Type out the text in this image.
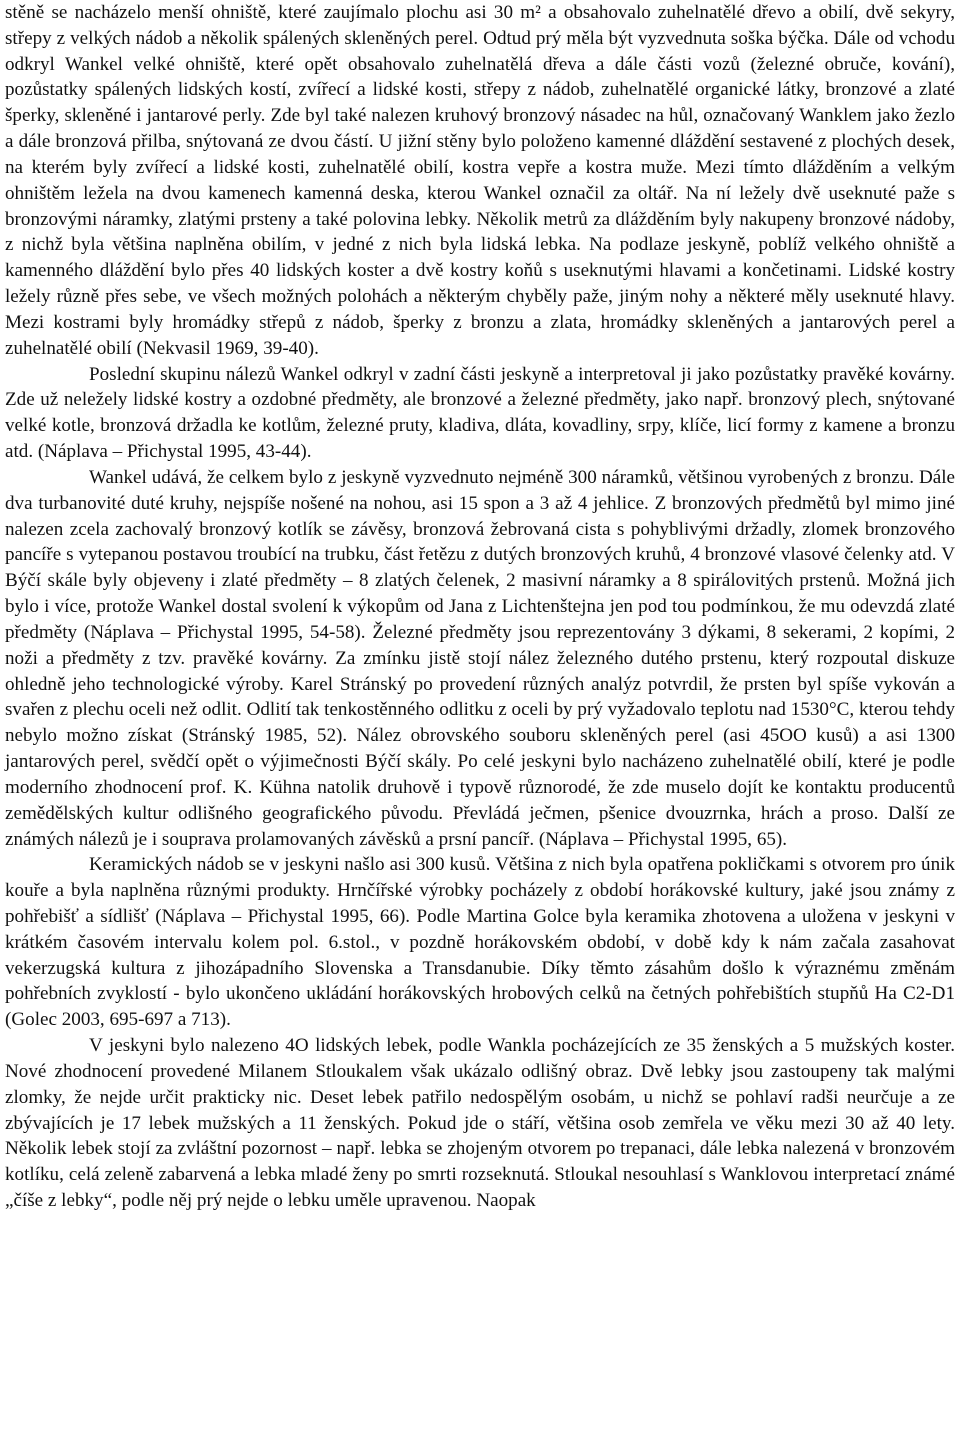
stěně se nacházelo menší ohniště, které zaujímalo plochu asi 30 m² a obsahovalo zuhelnatělé dřevo a obilí, dvě sekyry, střepy z velkých nádob a několik spálených skleněných perel. Odtud prý měla být vyzvednuta soška býčka. Dále od vchodu odkryl Wankel velké ohniště, které opět obsahovalo zuhelnatělá dřeva a dále části vozů (železné obruče, kování), pozůstatky spálených lidských kostí, zvířecí a lidské kosti, střepy z nádob, zuhelnatělé organické látky, bronzové a zlaté šperky, skleněné i jantarové perly. Zde byl také nalezen kruhový bronzový násadec na hůl, označovaný Wanklem jako žezlo a dále bronzová přilba, snýtovaná ze dvou částí. U jižní stěny bylo položeno kamenné dláždění sestavené z plochých desek, na kterém byly zvířecí a lidské kosti, zuhelnatělé obilí, kostra vepře a kostra muže. Mezi tímto dlážděním a velkým ohništěm ležela na dvou kamenech kamenná deska, kterou Wankel označil za oltář. Na ní ležely dvě useknuté paže s bronzovými náramky, zlatými prsteny a také polovina lebky. Několik metrů za dlážděním byly nakupeny bronzové nádoby, z nichž byla většina naplněna obilím, v jedné z nich byla lidská lebka. Na podlaze jeskyně, poblíž velkého ohniště a kamenného dláždění bylo přes 40 lidských koster a dvě kostry koňů s useknutými hlavami a končetinami. Lidské kostry ležely různě přes sebe, ve všech možných polohách a některým chyběly paže, jiným nohy a některé měly useknuté hlavy. Mezi kostrami byly hromádky střepů z nádob, šperky z bronzu a zlata, hromádky skleněných a jantarových perel a zuhelnatělé obilí (Nekvasil 1969, 39-40).

Poslední skupinu nálezů Wankel odkryl v zadní části jeskyně a interpretoval ji jako pozůstatky pravěké kovárny. Zde už neležely lidské kostry a ozdobné předměty, ale bronzové a železné předměty, jako např. bronzový plech, snýtované velké kotle, bronzová držadla ke kotlům, železné pruty, kladiva, dláta, kovadliny, srpy, klíče, licí formy z kamene a bronzu atd. (Náplava – Přichystal 1995, 43-44).

Wankel udává, že celkem bylo z jeskyně vyzvednuto nejméně 300 náramků, většinou vyrobených z bronzu. Dále dva turbanovité duté kruhy, nejspíše nošené na nohou, asi 15 spon a 3 až 4 jehlice. Z bronzových předmětů byl mimo jiné nalezen zcela zachovalý bronzový kotlík se závěsy, bronzová žebrovaná cista s pohyblivými držadly, zlomek bronzového pancíře s vytepanou postavou troubící na trubku, část řetězu z dutých bronzových kruhů, 4 bronzové vlasové čelenky atd. V Býčí skále byly objeveny i zlaté předměty – 8 zlatých čelenek, 2 masivní náramky a 8 spirálovitých prstenů. Možná jich bylo i více, protože Wankel dostal svolení k výkopům od Jana z Lichtenštejna jen pod tou podmínkou, že mu odevzdá zlaté předměty (Náplava – Přichystal 1995, 54-58). Železné předměty jsou reprezentovány 3 dýkami, 8 sekerami, 2 kopími, 2 noži a předměty z tzv. pravěké kovárny. Za zmínku jistě stojí nález železného dutého prstenu, který rozpoutal diskuze ohledně jeho technologické výroby. Karel Stránský po provedení různých analýz potvrdil, že prsten byl spíše vykován a svařen z plechu oceli než odlit. Odlití tak tenkostěnného odlitku z oceli by prý vyžadovalo teplotu nad 1530°C, kterou tehdy nebylo možno získat (Stránský 1985, 52). Nález obrovského souboru skleněných perel (asi 45OO kusů) a asi 1300 jantarových perel, svědčí opět o výjimečnosti Býčí skály. Po celé jeskyni bylo nacházeno zuhelnatělé obilí, které je podle moderního zhodnocení prof. K. Kühna natolik druhově i typově různorodé, že zde muselo dojít ke kontaktu producentů zemědělských kultur odlišného geografického původu. Převládá ječmen, pšenice dvouzrnka, hrách a proso. Další ze známých nálezů je i souprava prolamovaných závěsků a prsní pancíř. (Náplava – Přichystal 1995, 65).

Keramických nádob se v jeskyni našlo asi 300 kusů. Většina z nich byla opatřena pokličkami s otvorem pro únik kouře a byla naplněna různými produkty. Hrnčířské výrobky pocházely z období horákovské kultury, jaké jsou známy z pohřebišť a sídlišť (Náplava – Přichystal 1995, 66). Podle Martina Golce byla keramika zhotovena a uložena v jeskyni v krátkém časovém intervalu kolem pol. 6.stol., v pozdně horákovském období, v době kdy k nám začala zasahovat vekerzugská kultura z jihozápadního Slovenska a Transdanubie. Díky těmto zásahům došlo k výraznému změnám pohřebních zvyklostí - bylo ukončeno ukládání horákovských hrobových celků na četných pohřebištích stupňů Ha C2-D1 (Golec 2003, 695-697 a 713).

V jeskyni bylo nalezeno 4O lidských lebek, podle Wankla pocházejících ze 35 ženských a 5 mužských koster. Nové zhodnocení provedené Milanem Stloukalem však ukázalo odlišný obraz. Dvě lebky jsou zastoupeny tak malými zlomky, že nejde určit prakticky nic. Deset lebek patřilo nedospělým osobám, u nichž se pohlaví radši neurčuje a ze zbývajících je 17 lebek mužských a 11 ženských. Pokud jde o stáří, většina osob zemřela ve věku mezi 30 až 40 lety. Několik lebek stojí za zvláštní pozornost – např. lebka se zhojeným otvorem po trepanaci, dále lebka nalezená v bronzovém kotlíku, celá zeleně zabarvená a lebka mladé ženy po smrti rozseknutá. Stloukal nesouhlasí s Wanklovou interpretací známé „číše z lebky“, podle něj prý nejde o lebku uměle upravenou. Naopak
